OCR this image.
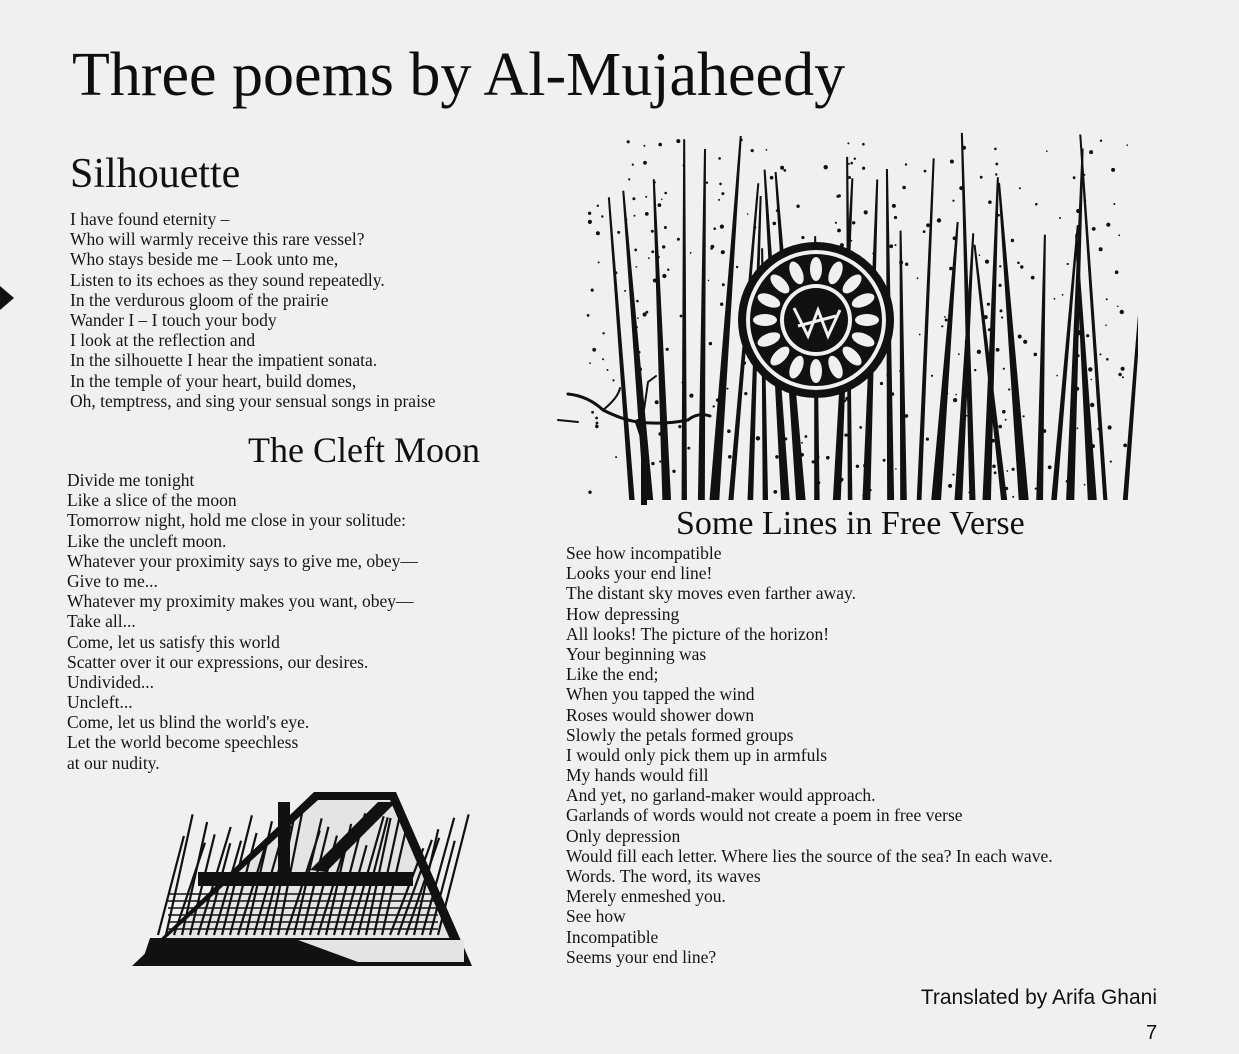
Three poems by Al-Mujaheedy
Silhouette
I have found eternity –
Who will warmly receive this rare vessel?
Who stays beside me – Look unto me,
Listen to its echoes as they sound repeatedly.
In the verdurous gloom of the prairie
Wander I – I touch your body
I look at the reflection and
In the silhouette I hear the impatient sonata.
In the temple of your heart, build domes,
Oh, temptress, and sing your sensual songs in praise
The Cleft Moon
Divide me tonight
Like a slice of the moon
Tomorrow night, hold me close in your solitude:
Like the uncleft moon.
Whatever your proximity says to give me, obey—
Give to me...
Whatever my proximity makes you want, obey—
Take all...
Come, let us satisfy this world
Scatter over it our expressions, our desires.
Undivided...
Uncleft...
Come, let us blind the world's eye.
Let the world become speechless
at our nudity.
Some Lines in Free Verse
See how incompatible
Looks your end line!
The distant sky moves even farther away.
How depressing
All looks! The picture of the horizon!
Your beginning was
Like the end;
When you tapped the wind
Roses would shower down
Slowly the petals formed groups
I would only pick them up in armfuls
My hands would fill
And yet, no garland-maker would approach.
Garlands of words would not create a poem in free verse
Only depression
Would fill each letter. Where lies the source of the sea? In each wave.
Words. The word, its waves
Merely enmeshed you.
See how
Incompatible
Seems your end line?
Translated by Arifa Ghani
7
